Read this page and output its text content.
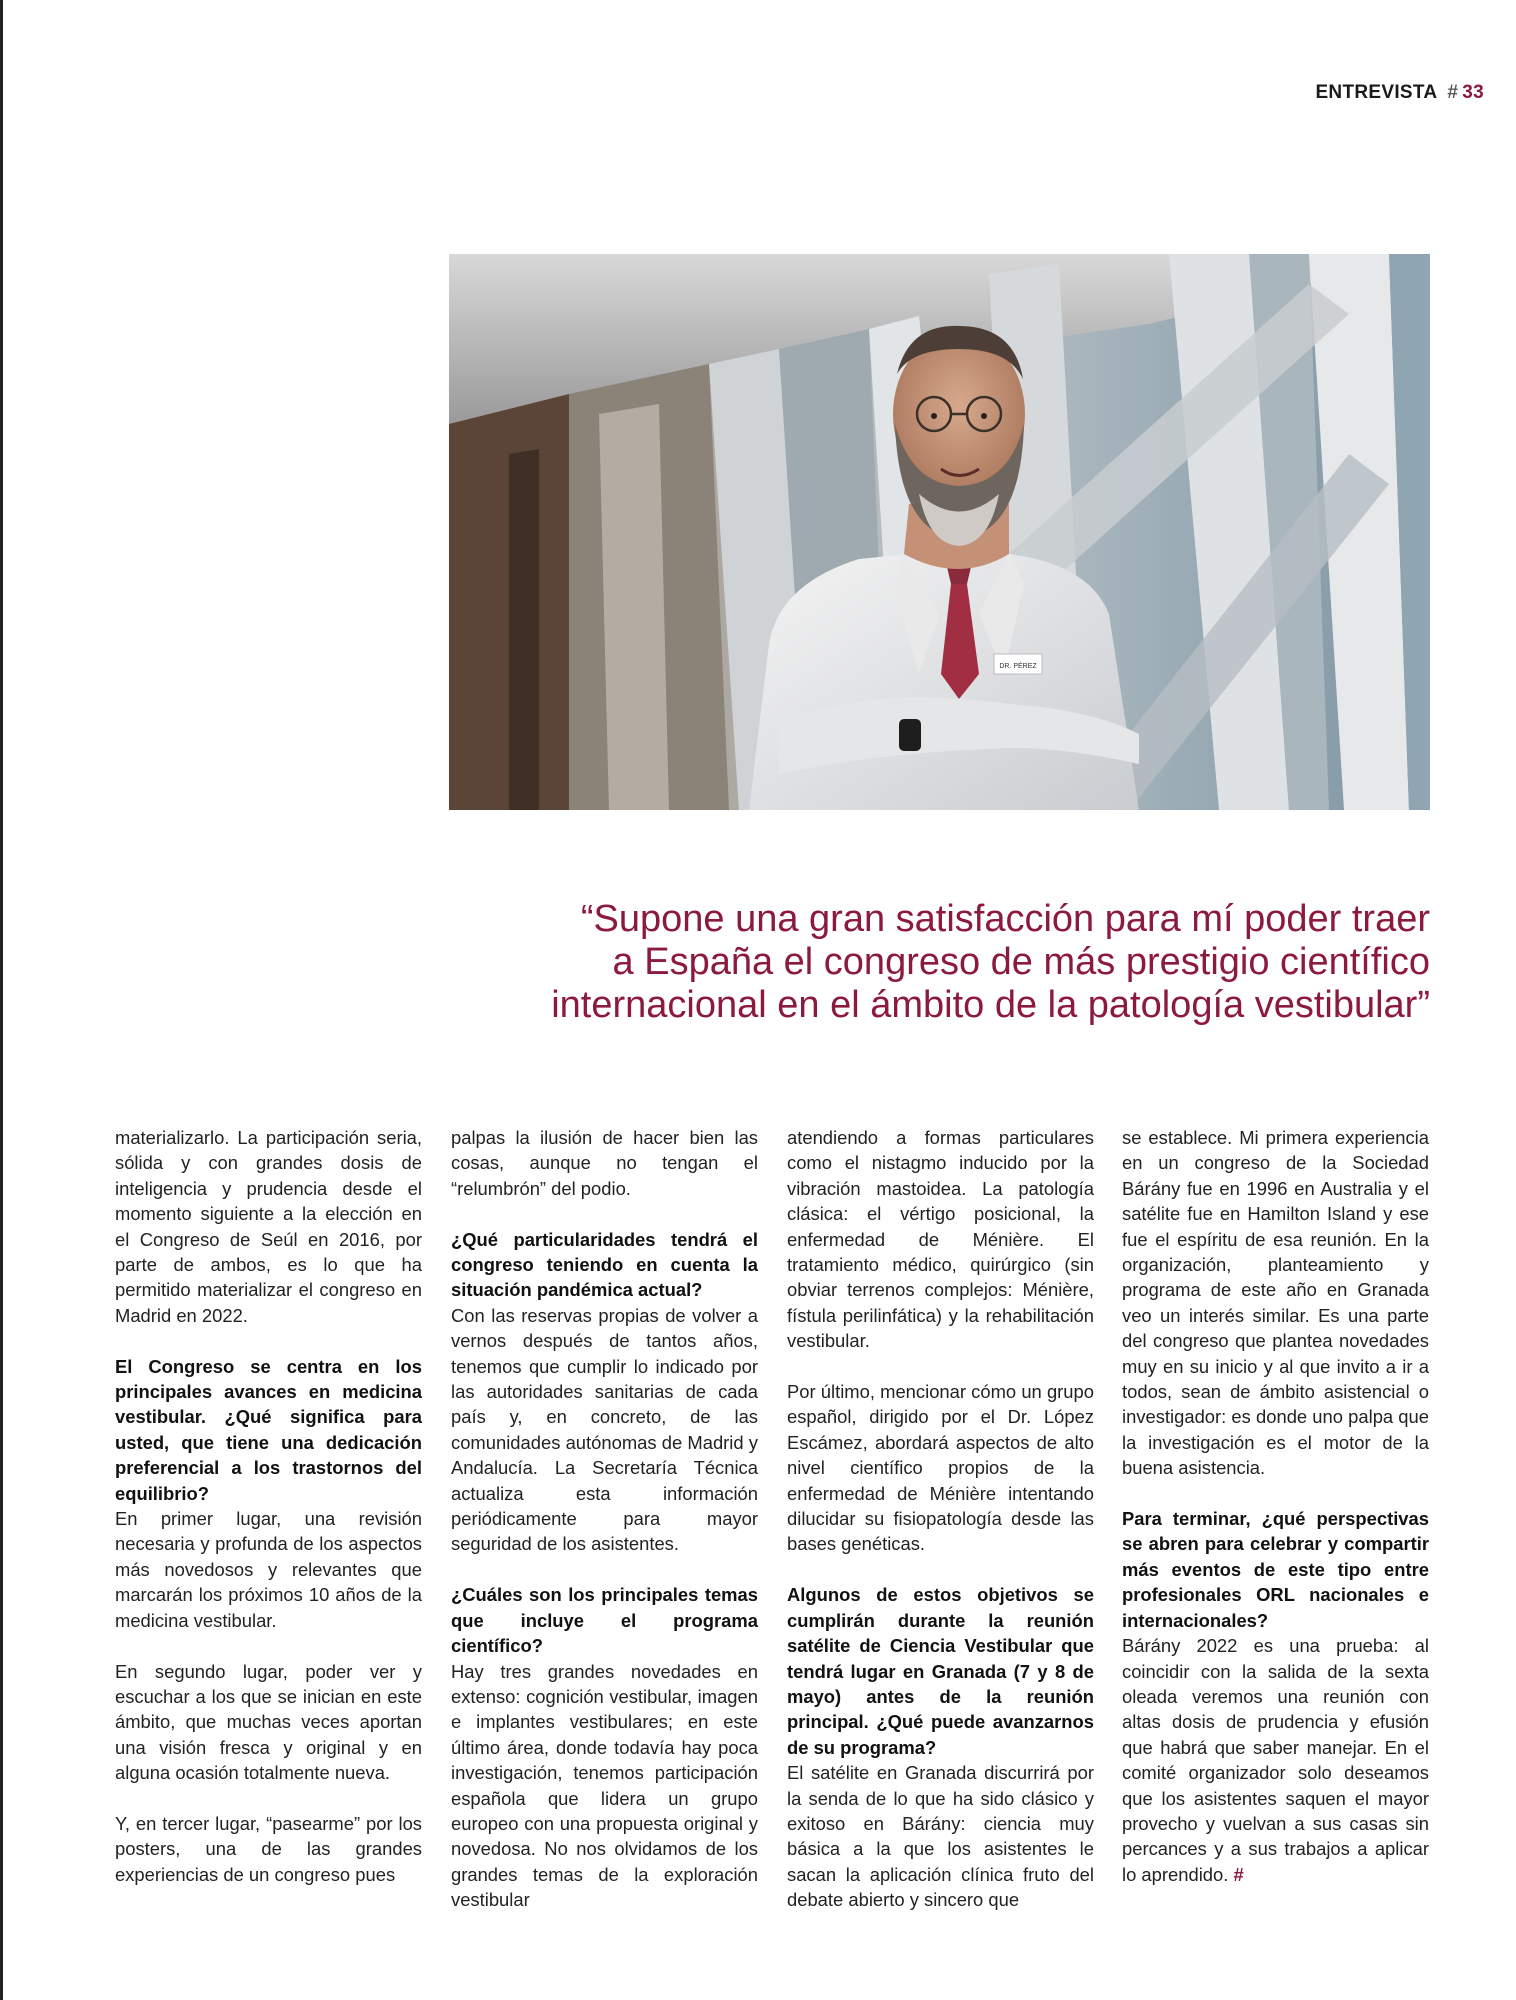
ENTREVISTA # 33
DR. PÉREZ
“Supone una gran satisfacción para mí poder traer
a España el congreso de más prestigio científico
internacional en el ámbito de la patología vestibular”

materializarlo. La participación seria, sólida y con grandes dosis de inteligencia y prudencia desde el momento siguiente a la elección en el Congreso de Seúl en 2016, por parte de ambos, es lo que ha permitido materializar el congreso en Madrid en 2022.

El Congreso se centra en los principales avances en medicina vestibular. ¿Qué significa para usted, que tiene una dedicación preferencial a los trastornos del equilibrio?

En primer lugar, una revisión necesaria y profunda de los aspectos más novedosos y relevantes que marcarán los próximos 10 años de la medicina vestibular.

En segundo lugar, poder ver y escuchar a los que se inician en este ámbito, que muchas veces aportan una visión fresca y original y en alguna ocasión totalmente nueva.

Y, en tercer lugar, “pasearme” por los posters, una de las grandes experiencias de un congreso pues

palpas la ilusión de hacer bien las cosas, aunque no tengan el “relumbrón” del podio.

¿Qué particularidades tendrá el congreso teniendo en cuenta la situación pandémica actual?

Con las reservas propias de volver a vernos después de tantos años, tenemos que cumplir lo indicado por las autoridades sanitarias de cada país y, en concreto, de las comunidades autónomas de Madrid y Andalucía. La Secretaría Técnica actualiza esta información periódicamente para mayor seguridad de los asistentes.

¿Cuáles son los principales temas que incluye el programa científico?

Hay tres grandes novedades en extenso: cognición vestibular, imagen e implantes vestibulares; en este último área, donde todavía hay poca investigación, tenemos participación española que lidera un grupo europeo con una propuesta original y novedosa. No nos olvidamos de los grandes temas de la exploración vestibular

atendiendo a formas particulares como el nistagmo inducido por la vibración mastoidea. La patología clásica: el vértigo posicional, la enfermedad de Ménière. El tratamiento médico, quirúrgico (sin obviar terrenos complejos: Ménière, fístula perilinfática) y la rehabilitación vestibular.

Por último, mencionar cómo un grupo español, dirigido por el Dr. López Escámez, abordará aspectos de alto nivel científico propios de la enfermedad de Ménière intentando dilucidar su fisiopatología desde las bases genéticas.

Algunos de estos objetivos se cumplirán durante la reunión satélite de Ciencia Vestibular que tendrá lugar en Granada (7 y 8 de mayo) antes de la reunión principal. ¿Qué puede avanzarnos de su programa?

El satélite en Granada discurrirá por la senda de lo que ha sido clásico y exitoso en Bárány: ciencia muy básica a la que los asistentes le sacan la aplicación clínica fruto del debate abierto y sincero que

se establece. Mi primera experiencia en un congreso de la Sociedad Bárány fue en 1996 en Australia y el satélite fue en Hamilton Island y ese fue el espíritu de esa reunión. En la organización, planteamiento y programa de este año en Granada veo un interés similar. Es una parte del congreso que plantea novedades muy en su inicio y al que invito a ir a todos, sean de ámbito asistencial o investigador: es donde uno palpa que la investigación es el motor de la buena asistencia.

Para terminar, ¿qué perspectivas se abren para celebrar y compartir más eventos de este tipo entre profesionales ORL nacionales e internacionales?

Bárány 2022 es una prueba: al coincidir con la salida de la sexta oleada veremos una reunión con altas dosis de prudencia y efusión que habrá que saber manejar. En el comité organizador solo deseamos que los asistentes saquen el mayor provecho y vuelvan a sus casas sin percances y a sus trabajos a aplicar lo aprendido. #
